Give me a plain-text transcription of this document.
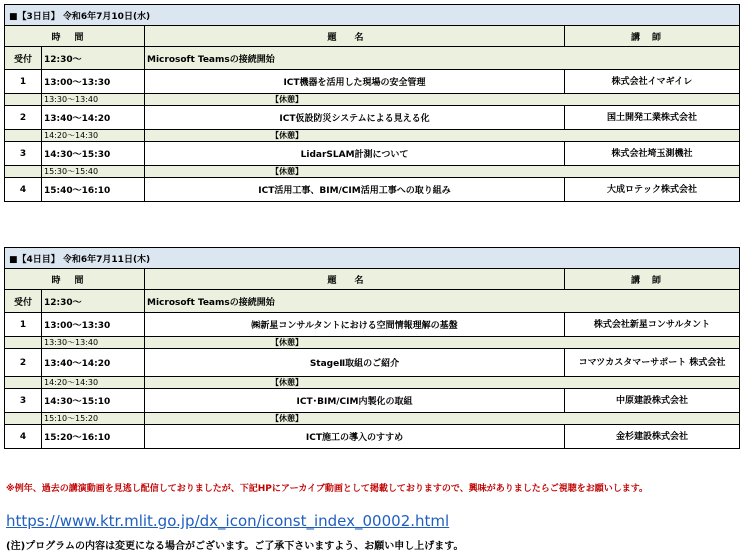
■【3日目】 令和6年7月10日(水)			
時間		題名	講師
受付	12:30～	Microsoft Teamsの接続開始	
1	13:00～13:30	ICT機器を活用した現場の安全管理	株式会社イマギイレ
	13:30～13:40	【休憩】	
2	13:40～14:20	ICT仮設防災システムによる見える化	国土開発工業株式会社
	14:20～14:30	【休憩】	
3	14:30～15:30	LidarSLAM計測について	株式会社埼玉測機社
	15:30～15:40	【休憩】	
4	15:40～16:10	ICT活用工事、BIM/CIM活用工事への取り組み	大成ロテック株式会社
■【4日目】 令和6年7月11日(木)			
時間		題名	講師
受付	12:30～	Microsoft Teamsの接続開始	
1	13:00～13:30	㈱新星コンサルタントにおける空間情報理解の基盤	株式会社新星コンサルタント
	13:30～13:40	【休憩】	
2	13:40～14:20	StageⅡ取組のご紹介	コマツカスタマーサポート 株式会社
	14:20～14:30	【休憩】	
3	14:30～15:10	ICT･BIM/CIM内製化の取組	中原建設株式会社
	15:10～15:20	【休憩】	
4	15:20～16:10	ICT施工の導入のすすめ	金杉建設株式会社

※例年、過去の講演動画を見逃し配信しておりましたが、下記HPにアーカイブ動画として掲載しておりますので、興味がありましたらご視聴をお願いします。

https://www.ktr.mlit.go.jp/dx_icon/iconst_index_00002.html

(注)プログラムの内容は変更になる場合がございます。ご了承下さいますよう、お願い申し上げます。
